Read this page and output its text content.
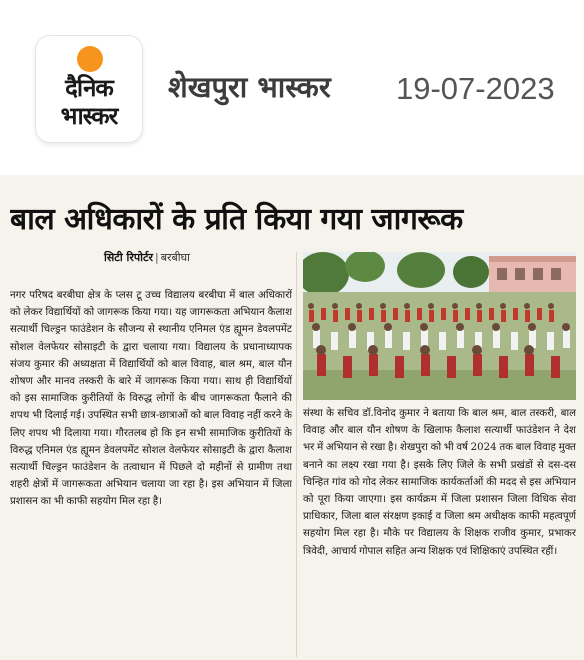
दैनिक
भास्कर
शेखपुरा भास्कर 19-07-2023
बाल अधिकारों के प्रति किया गया जागरूक
सिटी रिपोर्टर | बरबीघा
नगर परिषद बरबीघा क्षेत्र के प्लस टू उच्च विद्यालय बरबीघा में बाल अधिकारों को लेकर विद्यार्थियों को जागरूक किया गया। यह जागरूकता अभियान कैलाश सत्यार्थी चिल्ड्रन फाउंडेशन के सौजन्य से स्थानीय एनिमल एंड ह्यूमन डेवलपमेंट सोशल वेलफेयर सोसाइटी के द्वारा चलाया गया। विद्यालय के प्रधानाध्यापक संजय कुमार की अध्यक्षता में विद्यार्थियों को बाल विवाह, बाल श्रम, बाल यौन शोषण और मानव तस्करी के बारे में जागरूक किया गया। साथ ही विद्यार्थियों को इस सामाजिक कुरीतियों के विरुद्ध लोगों के बीच जागरूकता फैलाने की शपथ भी दिलाई गई। उपस्थित सभी छात्र-छात्राओं को बाल विवाह नहीं करने के लिए शपथ भी दिलाया गया। गौरतलब हो कि इन सभी सामाजिक कुरीतियों के विरुद्ध एनिमल एंड ह्यूमन डेवलपमेंट सोशल वेलफेयर सोसाइटी के द्वारा कैलाश सत्यार्थी चिल्ड्रन फाउंडेशन के तत्वाधान में पिछले दो महीनों से ग्रामीण तथा शहरी क्षेत्रों में जागरूकता अभियान चलाया जा रहा है। इस अभियान में जिला प्रशासन का भी काफी सहयोग मिल रहा है।
संस्था के सचिव डॉ.विनोद कुमार ने बताया कि बाल श्रम, बाल तस्करी, बाल विवाह और बाल यौन शोषण के खिलाफ कैलाश सत्यार्थी फाउंडेशन ने देश भर में अभियान से रखा है। शेखपुरा को भी वर्ष 2024 तक बाल विवाह मुक्त बनाने का लक्ष्य रखा गया है। इसके लिए जिले के सभी प्रखंडों से दस-दस चिन्हित गांव को गोद लेकर सामाजिक कार्यकर्ताओं की मदद से इस अभियान को पूरा किया जाएगा। इस कार्यक्रम में जिला प्रशासन जिला विधिक सेवा प्राधिकार, जिला बाल संरक्षण इकाई व जिला श्रम अधीक्षक काफी महत्वपूर्ण सहयोग मिल रहा है। मौके पर विद्यालय के शिक्षक राजीव कुमार, प्रभाकर त्रिवेदी, आचार्य गोपाल सहित अन्य शिक्षक एवं शिक्षिकाएं उपस्थित रहीं।
